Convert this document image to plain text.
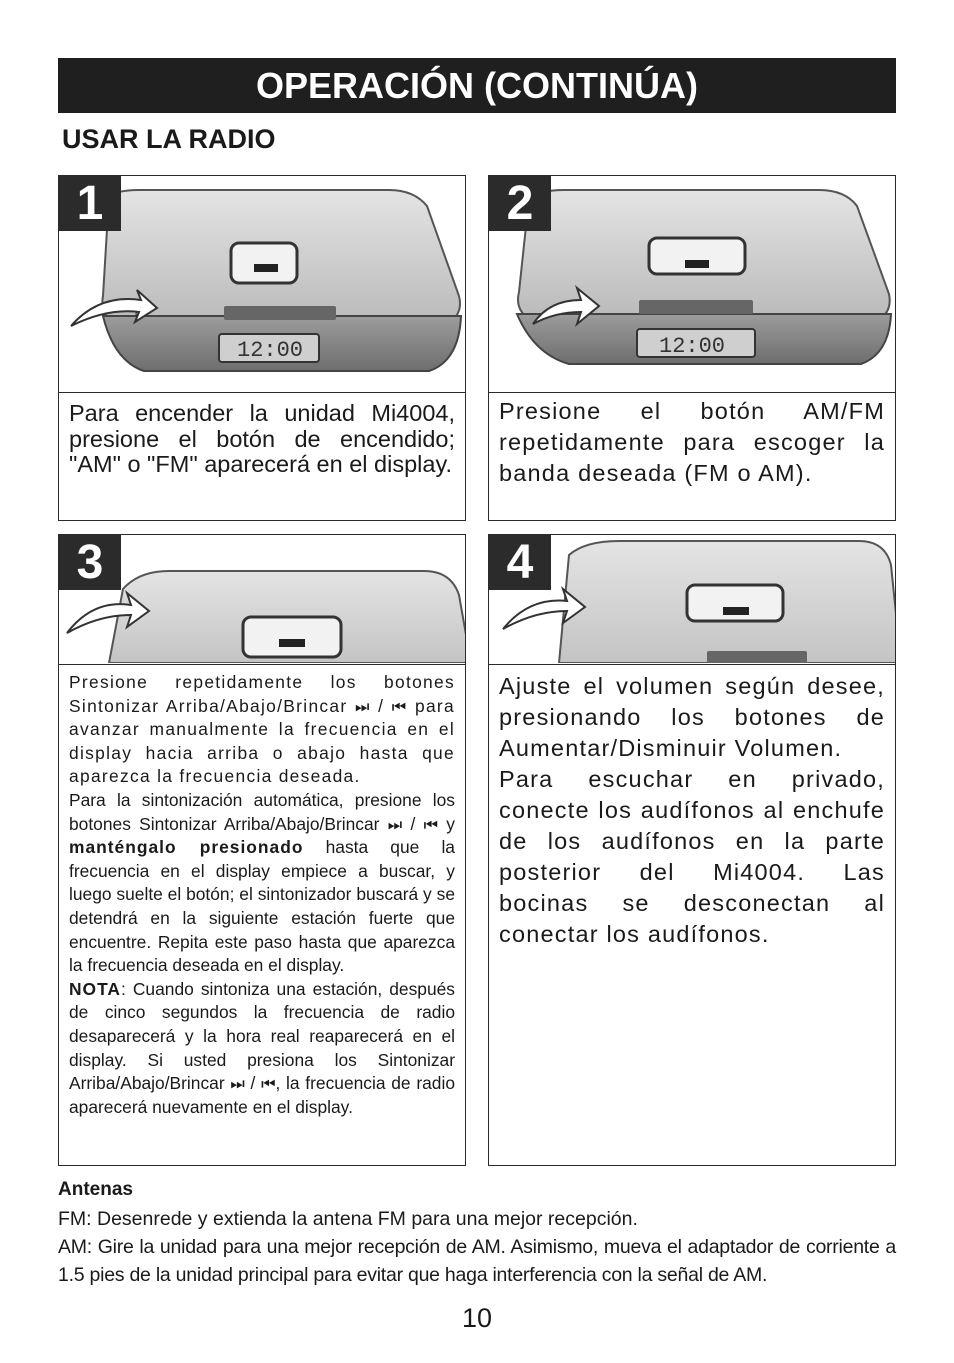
OPERACIÓN (CONTINÚA)
USAR LA RADIO
1
12:00
Para encender la unidad Mi4004, presione el botón de encendido; "AM" o "FM" aparecerá en el display.
2
12:00
Presione el botón AM/FM repetidamente para escoger la banda deseada (FM o AM).
3

Presione repetidamente los botones Sintonizar Arriba/Abajo/Brincar ⏭ / ⏮ para avanzar manualmente la frecuencia en el display hacia arriba o abajo hasta que aparezca la frecuencia deseada.

Para la sintonización automática, presione los botones Sintonizar Arriba/Abajo/Brincar ⏭ / ⏮ y manténgalo presionado hasta que la frecuencia en el display empiece a buscar, y luego suelte el botón; el sintonizador buscará y se detendrá en la siguiente estación fuerte que encuentre. Repita este paso hasta que aparezca la frecuencia deseada en el display.

NOTA: Cuando sintoniza una estación, después de cinco segundos la frecuencia de radio desaparecerá y la hora real reaparecerá en el display. Si usted presiona los Sintonizar Arriba/Abajo/Brincar ⏭ / ⏮, la frecuencia de radio aparecerá nuevamente en el display.

4
Ajuste el volumen según desee, presionando los botones de Aumentar/Disminuir Volumen.
Para escuchar en privado, conecte los audífonos al enchufe de los audífonos en la parte posterior del Mi4004. Las bocinas se desconectan al conectar los audífonos.
Antenas
FM: Desenrede y extienda la antena FM para una mejor recepción.
AM: Gire la unidad para una mejor recepción de AM. Asimismo, mueva el adaptador de corriente a 1.5 pies de la unidad principal para evitar que haga interferencia con la señal de AM.
10
